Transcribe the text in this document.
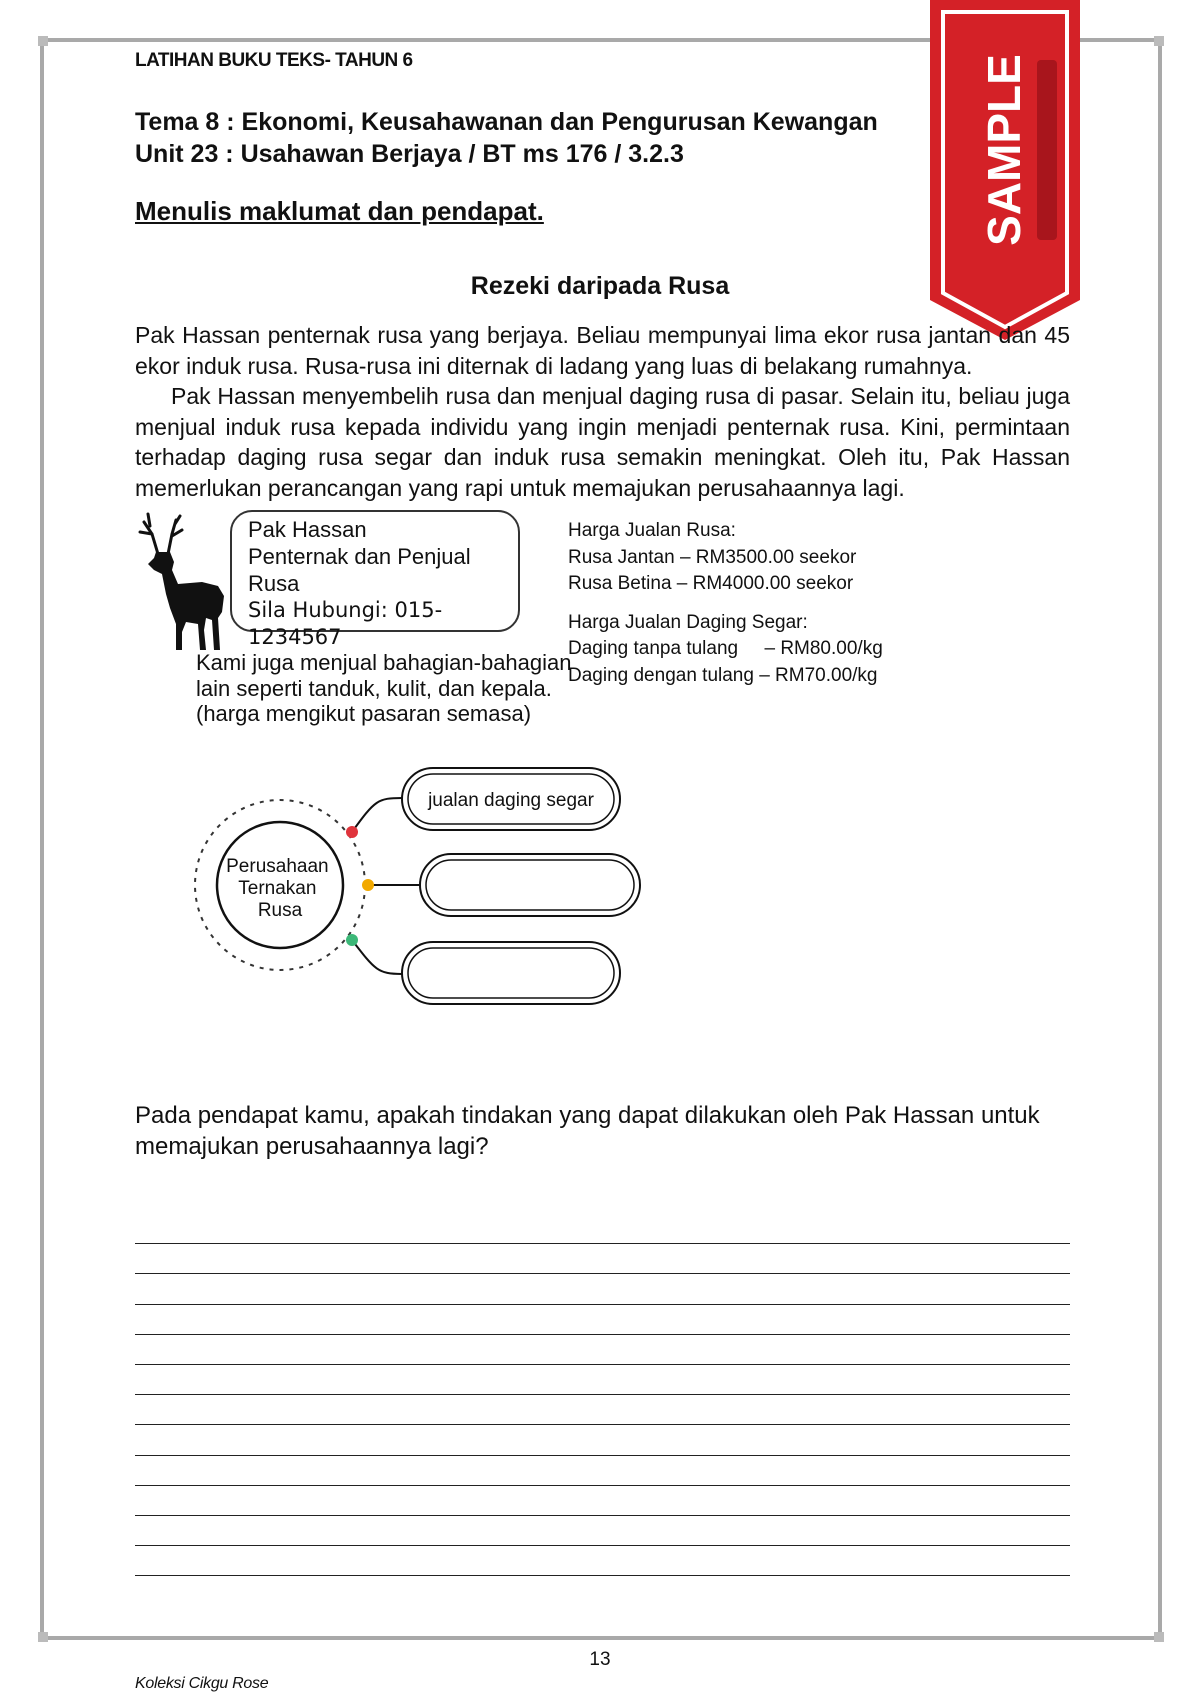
LATIHAN BUKU TEKS- TAHUN 6
Tema 8 : Ekonomi, Keusahawanan dan Pengurusan Kewangan
Unit 23 : Usahawan Berjaya / BT ms 176 / 3.2.3
Menulis maklumat dan pendapat.	SAMPLE
Rezeki daripada Rusa

Pak Hassan penternak rusa yang berjaya. Beliau mempunyai lima ekor rusa jantan dan 45 ekor induk rusa. Rusa-rusa ini diternak di ladang yang luas di belakang rumahnya.

Pak Hassan menyembelih rusa dan menjual daging rusa di pasar. Selain itu, beliau juga menjual induk rusa kepada individu yang ingin menjadi penternak rusa. Kini, permintaan terhadap daging rusa segar dan induk rusa semakin meningkat. Oleh itu, Pak Hassan memerlukan perancangan yang rapi untuk memajukan perusahaannya lagi.

Pak Hassan
Penternak dan Penjual
Rusa
Sila Hubungi: 015-1234567
Kami juga menjual bahagian-bahagian lain seperti tanduk, kulit, dan kepala. (harga mengikut pasaran semasa)
Harga Jualan Rusa:
Rusa Jantan – RM3500.00 seekor
Rusa Betina – RM4000.00 seekor
Harga Jualan Daging Segar:
Daging tanpa tulang     – RM80.00/kg
Daging dengan tulang – RM70.00/kg
Perusahaan Ternakan Rusa
jualan daging segar
Pada pendapat kamu, apakah tindakan yang dapat dilakukan oleh Pak Hassan untuk memajukan perusahaannya lagi?
13
Koleksi Cikgu Rose
